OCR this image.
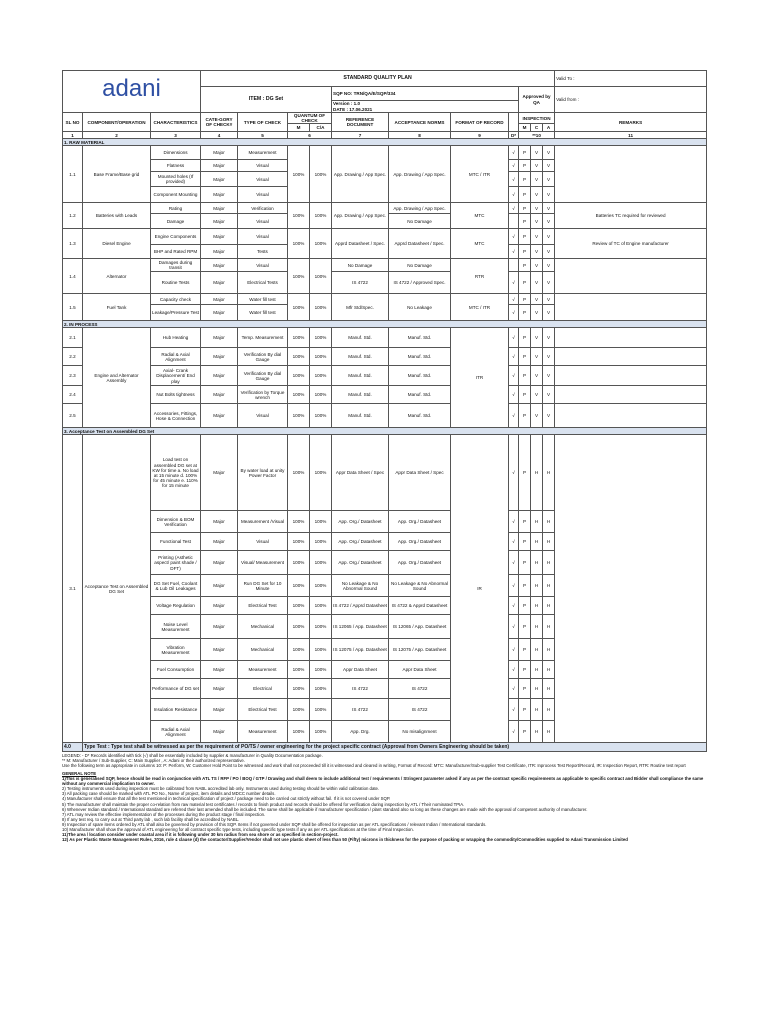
adani			STANDARD QUALITY PLAN											Valid To :
			ITEM : DG Set				SQP NO: TRN/QA/E/SQP/334				Approved by QA			Valid from :

							Version : 1.0
DATE : 17.06.2021							

SL NO	COMPONENT/OPERATION	CHARACTERISTICS	CATE-GORY OF CHECK#	TYPE OF CHECK	QUANTUM OF CHECK		REFERENCE DOCUMENT	ACCEPTANCE NORMS	FORMAT OF RECORD		INSPECTION			REMARKS
					M	C/A					M	C	A	
1	2	3	4	5	6		7	8	9	D*	**10			11
1. RAW MATERIAL														
1.1	Base Frame/Base grid	Dimensions	Major	Measurement	100%	100%	App. Drawing / App Spec.	App. Drawing / App Spec.	MTC / ITR	√	P	V	V	
		Flatness	Major	Visual						√	P	V	V	
		Mounted holes (If provided)	Major	Visual						√	P	V	V	
		Component Mounting	Major	Visual						√	P	V	V	
1.2	Batteries with Leads	Rating	Major	Verification	100%	100%	App. Drawing / App Spec.	App. Drawing / App Spec.	MTC	√	P	V	V	Batteries TC required for reviewed
		Damage	Major	Visual				No Damage			P	V	V	
1.3	Diesel Engine	Engine Components	Major	Visual	100%	100%	Apprd Datasheet / Spec.	Apprd Datasheet / Spec.	MTC	√	P	V	V	Review of TC of Engine manufacturer
		BHP and Rated RPM	Major	Tests						√	P	V	V	
1.4	Alternator	Damages during transit	Major	Visual	100%	100%	No Damage	No Damage	RTR		P	V	V	
		Routine Tests	Major	Electrical Tests			IS 4722	IS 4722 / Approved Spec.		√	P	V	V	
1.5	Fuel Tank	Capacity check	Major	Water fill test	100%	100%	Mfr Std/Spec.	No Leakage	MTC / ITR	√	P	V	V	
		Leakage/Pressure Test	Major	Water fill test						√	P	V	V	
2. IN PROCESS														
2.1	Engine and Alternator Assembly	Hub Heating	Major	Temp. Measurement	100%	100%	Manuf. Std.	Manuf. Std.	ITR	√	P	V	V	
2.2		Radial & Axial Alignment	Major	Verification By dial Gauge	100%	100%	Manuf. Std.	Manuf. Std.		√	P	V	V	
2.3		Axial- Crank Displacement/ End play	Major	Verification By dial Gauge	100%	100%	Manuf. Std.	Manuf. Std.		√	P	V	V	
2.4		Nut Bolts tightness	Major	Verification by Torque wrench	100%	100%	Manuf. Std.	Manuf. Std.		√	P	V	V	
2.5		Accessories, Fittings, Hose & Connection	Major	Visual	100%	100%	Manuf. Std.	Manuf. Std.		√	P	V	V	
3. Acceptance Test on Assembled DG Set														
3.1	Acceptance Test on Assembled DG Set	Load test on assembled DG set at KW for time a. No load at 15 minute d. 100% for 45 minute e. 110% for 15 minute	Major	By water load at unity Power Factor	100%	100%	Appr Data Sheet / Spec	Appr Data Sheet / Spec	IR	√	P	H	H	
		Dimension & BOM Verification	Major	Measurement /Visual	100%	100%	App. Org./ Datasheet	App. Org./ Datasheet		√	P	H	H	
		Functional Test	Major	Visual	100%	100%	App. Org./ Datasheet	App. Org./ Datasheet		√	P	H	H	
		Printing (Asthetic aspect/ paint shade / DFT)	Major	Visual/ Measurement	100%	100%	App. Org./ Datasheet	App. Org./ Datasheet		√	P	H	H	
		DG Set Fuel, Coolant & Lub Oil Leakages	Major	Run DG Set for 10 Minute	100%	100%	No Leakage & No Abnormal Sound	No Leakage & No Abnormal Sound		√	P	H	H	
		Voltage Regulation	Major	Electrical Test	100%	100%	IS 4722 / Apprd Datasheet	IS 4722 & Apprd Datasheet		√	P	H	H	
		Noise Level Measurement	Major	Mechanical	100%	100%	IS 12065 / App. Datasheet	IS 12065 / App. Datasheet		√	P	H	H	
		Vibration Measurement	Major	Mechanical	100%	100%	IS 12075 / App. Datasheet	IS 12075 / App. Datasheet		√	P	H	H	
		Fuel Consumption	Major	Measurement	100%	100%	Appr Data Sheet	Appr Data Sheet		√	P	H	H	
		Performance of DG set	Major	Electrical	100%	100%	IS 4722	IS 4722		√	P	H	H	
		Insulation Resistance	Major	Electrical Test	100%	100%	IS 4722	IS 4722		√	P	H	H	
		Radial & Axial Alignment	Major	Measurement	100%	100%	App. Drg.	No misalignment		√	P	H	H	
4.0	Type Test : Type test shall be witnessed as per the requirement of PO/TS / owner engineering for the project specific contract (Approval from Owners Engineering should be taken)													

LEGEND: - D* Records identified with tick (√) shall be essentially included by supplier & manufacturer in Quality Documentation package.

** M: Manufacturer / Sub-Supplier, C: Main Supplier , A: Adani or their authorized representative.

Use the following term as appropriate in columns 10: P: Perform, W: Customer Hold Point to be witnessed and work shall not proceeded till it is witnessed and cleared in writing, Format of Record: MTC: Manufacturer/Sub-supplier Test Certificate, ITR: Inprocess Test Report/Record, IR: Inspection Report, RTR: Routine test report

GENERAL NOTE

1)This is generalised SQP, hence should be read in conjunction with ATL TS / RFP / PO / BOQ / GTP / Drawing and shall deem to include additional test / requirements / Stringent parameter asked if any as per the contract specific requirements as applicable to specific contract and Bidder shall compliance the same without any commercial implication to owner.

2) Testing instruments used during inspection must be calibrated from NABL accredited lab only. Instruments used during testing should be within valid calibration date.

3) All packing case should be marked with ATL PO No., Name of project, item details and MDCC number details.

4) Manufacturer shall ensure that all the test mentioned in technical specification of project / package need to be carried out strictly without fail. If it is not covered under SQP.

5) The manufacturer shall maintain the proper co-relation from raw material test certificates / records to finish product and records should be offered for verification during inspection by ATL / Their nominated TPIA.

6) Whenever Indian standard / International standard are referred their last amended shall be included. The same shall be applicable if manufacturer specification / plant standard also so long as these changes are made with the approval of competent authority of manufacturer.

7) ATL may review the effective implementation of the processes during the product stage / final inspection.

8) If any test req. to carry out at Third party lab , such lab facility shall be accredited by NABL.

9) Inspection of spare items ordered by ATL shall also be governed by provision of this SQP. Items if not governed under SQP shall be offered for inspection as per ATL specifications / relevant Indian / International standards.

10) Manufacturer shall show the approval of ATL engineering for all contract specific type tests, including specific type tests if any as per ATL specifications at the time of Final Inspection.

11)The area / location consider under coastal area if it is following under 30 km radius from sea shore or as specified in section-project.

12) As per Plastic Waste Management Rules, 2016, rule 4 clause (d) the contactor/Supplier/Vendor shall not use plastic sheet of less than 50 (Fifty) microns in thickness for the purpose of packing or wrapping the commodity/Commodities supplied to Adani Transmission Limited
